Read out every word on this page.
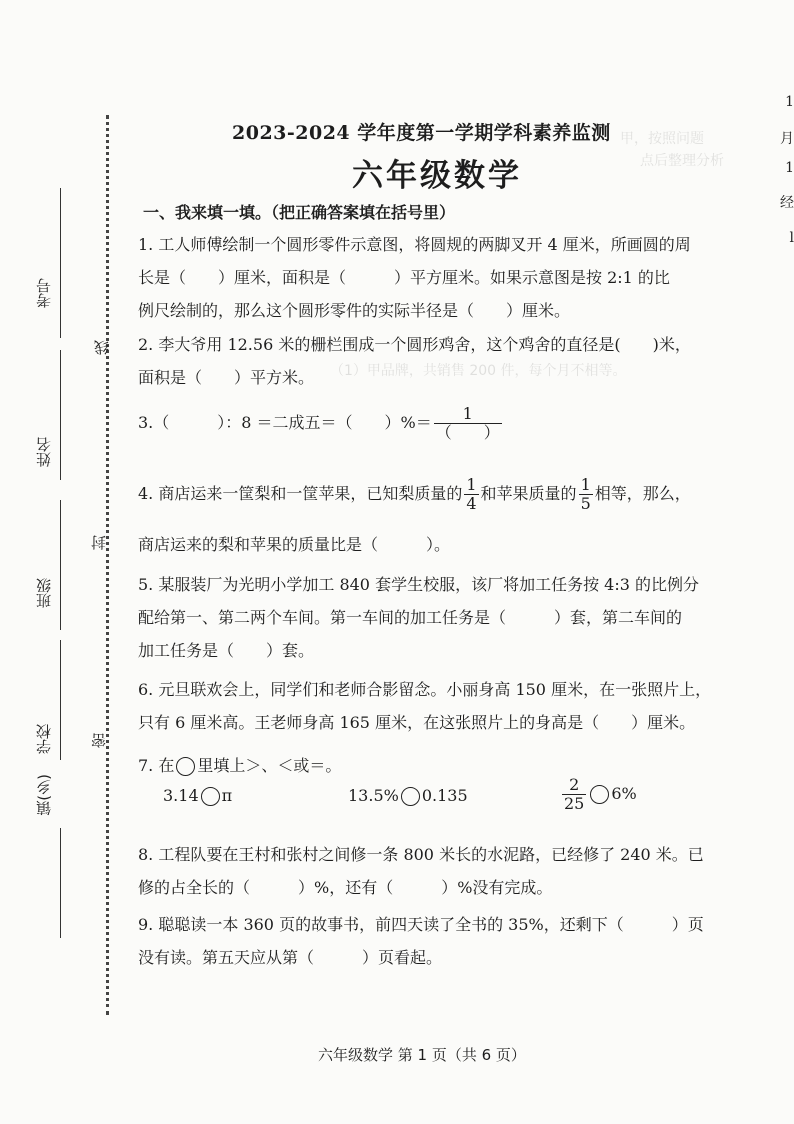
甲，按照问题
点后整理分析
（1）甲品牌，共销售 200 件，每个月不相等。
线
封
密
考号
姓名
班级
学校
镇(乡)
1
月
1
经
l
2023-2024 学年度第一学期学科素养监测
六年级数学
一、我来填一填。（把正确答案填在括号里）

1. 工人师傅绘制一个圆形零件示意图，将圆规的两脚叉开 4 厘米，所画圆的周

长是（　　）厘米，面积是（　　　）平方厘米。如果示意图是按 2:1 的比

例尺绘制的，那么这个圆形零件的实际半径是（　　）厘米。

2. 李大爷用 12.56 米的栅栏围成一个圆形鸡舍，这个鸡舍的直径是(　　)米，

面积是（　　）平方米。

3.（　　　）：8 ＝二成五＝（　　）%＝ $\frac{1}{( )}$

4. 商店运来一筐梨和一筐苹果，已知梨质量的 $\frac{1}{4}$ 和苹果质量的 $\frac{1}{5}$ 相等，那么，

商店运来的梨和苹果的质量比是（　　　）。

5. 某服装厂为光明小学加工 840 套学生校服，该厂将加工任务按 4:3 的比例分

配给第一、第二两个车间。第一车间的加工任务是（　　　）套，第二车间的

加工任务是（　　）套。

6. 元旦联欢会上，同学们和老师合影留念。小丽身高 150 厘米，在一张照片上，

只有 6 厘米高。王老师身高 165 厘米，在这张照片上的身高是（　　）厘米。

7. 在 里填上＞、＜或＝。

3.14 π	13.5% 0.135	$\frac{2}{25} 6\%$

8. 工程队要在王村和张村之间修一条 800 米长的水泥路，已经修了 240 米。已

修的占全长的（　　　）%，还有（　　　）%没有完成。

9. 聪聪读一本 360 页的故事书，前四天读了全书的 35%，还剩下（　　　）页

没有读。第五天应从第（　　　）页看起。

六年级数学 第 1 页（共 6 页）
